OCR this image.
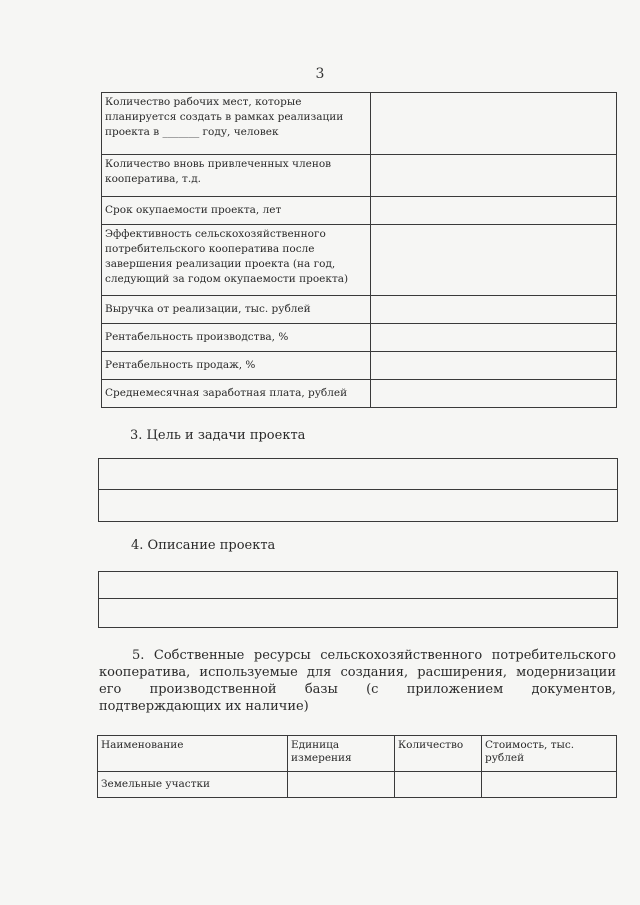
3
Количество рабочих мест, которые планируется создать в рамках реализации проекта в _______ году, человек	
Количество вновь привлеченных членов кооператива, т.д.	
Срок окупаемости проекта, лет	
Эффективность сельскохозяйственного потребительского кооператива после завершения реализации проекта (на год, следующий за годом окупаемости проекта)	
Выручка от реализации, тыс. рублей	
Рентабельность производства, %	
Рентабельность продаж, %	
Среднемесячная заработная плата, рублей	
3. Цель и задачи проекта
4. Описание проекта
5. Собственные ресурсы сельскохозяйственного потребительского кооператива, используемые для создания, расширения, модернизации его производственной базы (с приложением документов, подтверждающих их наличие)
Наименование	Единица измерения	Количество	Стоимость, тыс. рублей
Земельные участки			
